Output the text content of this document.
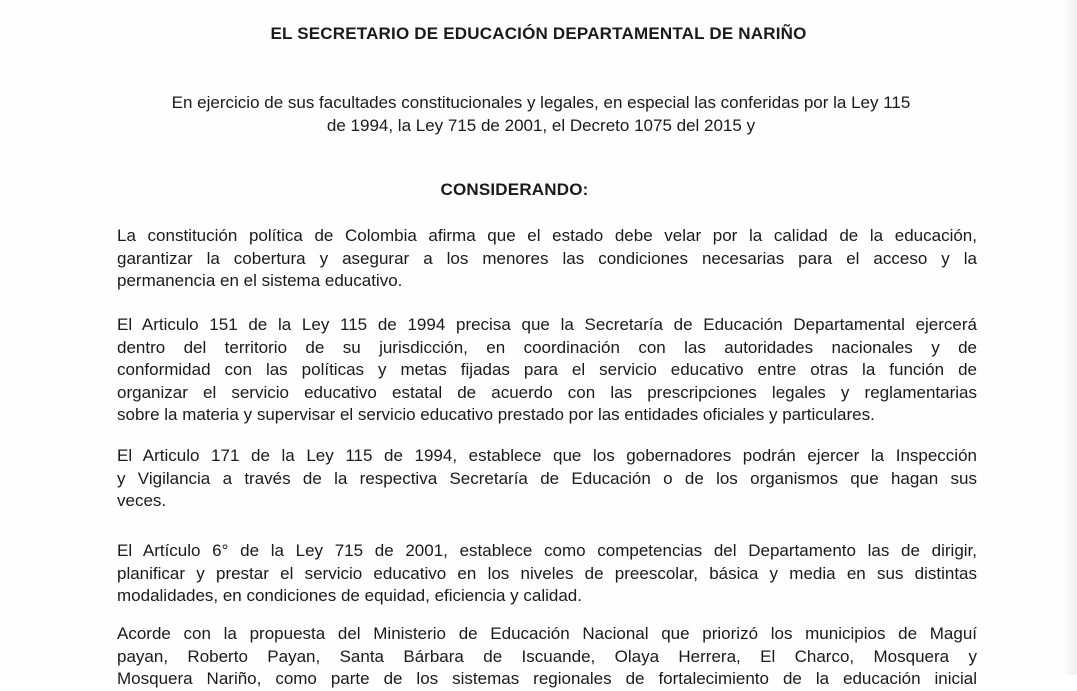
EL SECRETARIO DE EDUCACIÓN DEPARTAMENTAL DE NARIÑO
En ejercicio de sus facultades constitucionales y legales, en especial las conferidas por la Ley 115
de 1994, la Ley 715 de 2001, el Decreto 1075 del 2015 y
CONSIDERANDO:
La constitución política de Colombia afirma que el estado debe velar por la calidad de la educación,
garantizar la cobertura y asegurar a los menores las condiciones necesarias para el acceso y la
permanencia en el sistema educativo.
El Articulo 151 de la Ley 115 de 1994 precisa que la Secretaría de Educación Departamental ejercerá
dentro del territorio de su jurisdicción, en coordinación con las autoridades nacionales y de
conformidad con las políticas y metas fijadas para el servicio educativo entre otras la función de
organizar el servicio educativo estatal de acuerdo con las prescripciones legales y reglamentarias
sobre la materia y supervisar el servicio educativo prestado por las entidades oficiales y particulares.
El Articulo 171 de la Ley 115 de 1994, establece que los gobernadores podrán ejercer la Inspección
y Vigilancia a través de la respectiva Secretaría de Educación o de los organismos que hagan sus
veces.
El Artículo 6° de la Ley 715 de 2001, establece como competencias del Departamento las de dirigir,
planificar y prestar el servicio educativo en los niveles de preescolar, básica y media en sus distintas
modalidades, en condiciones de equidad, eficiencia y calidad.
Acorde con la propuesta del Ministerio de Educación Nacional que priorizó los municipios de Maguí
payan, Roberto Payan, Santa Bárbara de Iscuande, Olaya Herrera, El Charco, Mosquera y
Mosquera Nariño, como parte de los sistemas regionales de fortalecimiento de la educación inicial
